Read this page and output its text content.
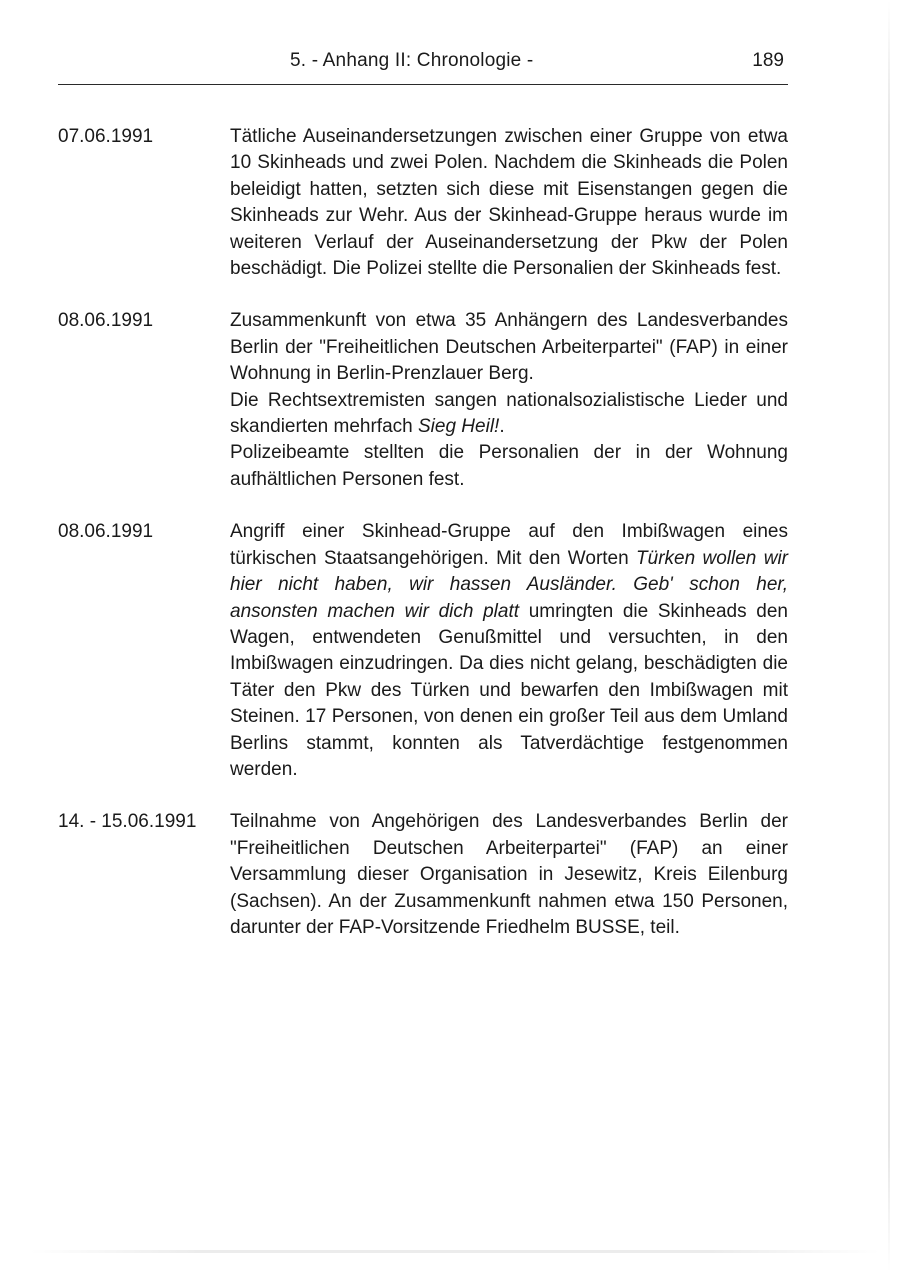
5. - Anhang II: Chronologie -	189
07.06.1991	Tätliche Auseinandersetzungen zwischen einer Gruppe von etwa 10 Skinheads und zwei Polen. Nachdem die Skinheads die Polen beleidigt hatten, setzten sich diese mit Eisenstangen gegen die Skinheads zur Wehr. Aus der Skinhead-Gruppe heraus wurde im weiteren Verlauf der Auseinandersetzung der Pkw der Polen beschädigt. Die Polizei stellte die Personalien der Skinheads fest.

08.06.1991	Zusammenkunft von etwa 35 Anhängern des Landesverbandes Berlin der "Freiheitlichen Deutschen Arbeiterpartei" (FAP) in einer Wohnung in Berlin-Prenzlauer Berg.

Die Rechtsextremisten sangen nationalsozialistische Lieder und skandierten mehrfach Sieg Heil!.

Polizeibeamte stellten die Personalien der in der Wohnung aufhältlichen Personen fest.

08.06.1991	Angriff einer Skinhead-Gruppe auf den Imbißwagen eines türkischen Staatsangehörigen. Mit den Worten Türken wollen wir hier nicht haben, wir hassen Ausländer. Geb' schon her, ansonsten machen wir dich platt umringten die Skinheads den Wagen, entwendeten Genußmittel und versuchten, in den Imbißwagen einzudringen. Da dies nicht gelang, beschädigten die Täter den Pkw des Türken und bewarfen den Imbißwagen mit Steinen. 17 Personen, von denen ein großer Teil aus dem Umland Berlins stammt, konnten als Tatverdächtige festgenommen werden.

14. - 15.06.1991	Teilnahme von Angehörigen des Landesverbandes Berlin der "Freiheitlichen Deutschen Arbeiterpartei" (FAP) an einer Versammlung dieser Organisation in Jesewitz, Kreis Eilenburg (Sachsen). An der Zusammenkunft nahmen etwa 150 Personen, darunter der FAP-Vorsitzende Friedhelm BUSSE, teil.
